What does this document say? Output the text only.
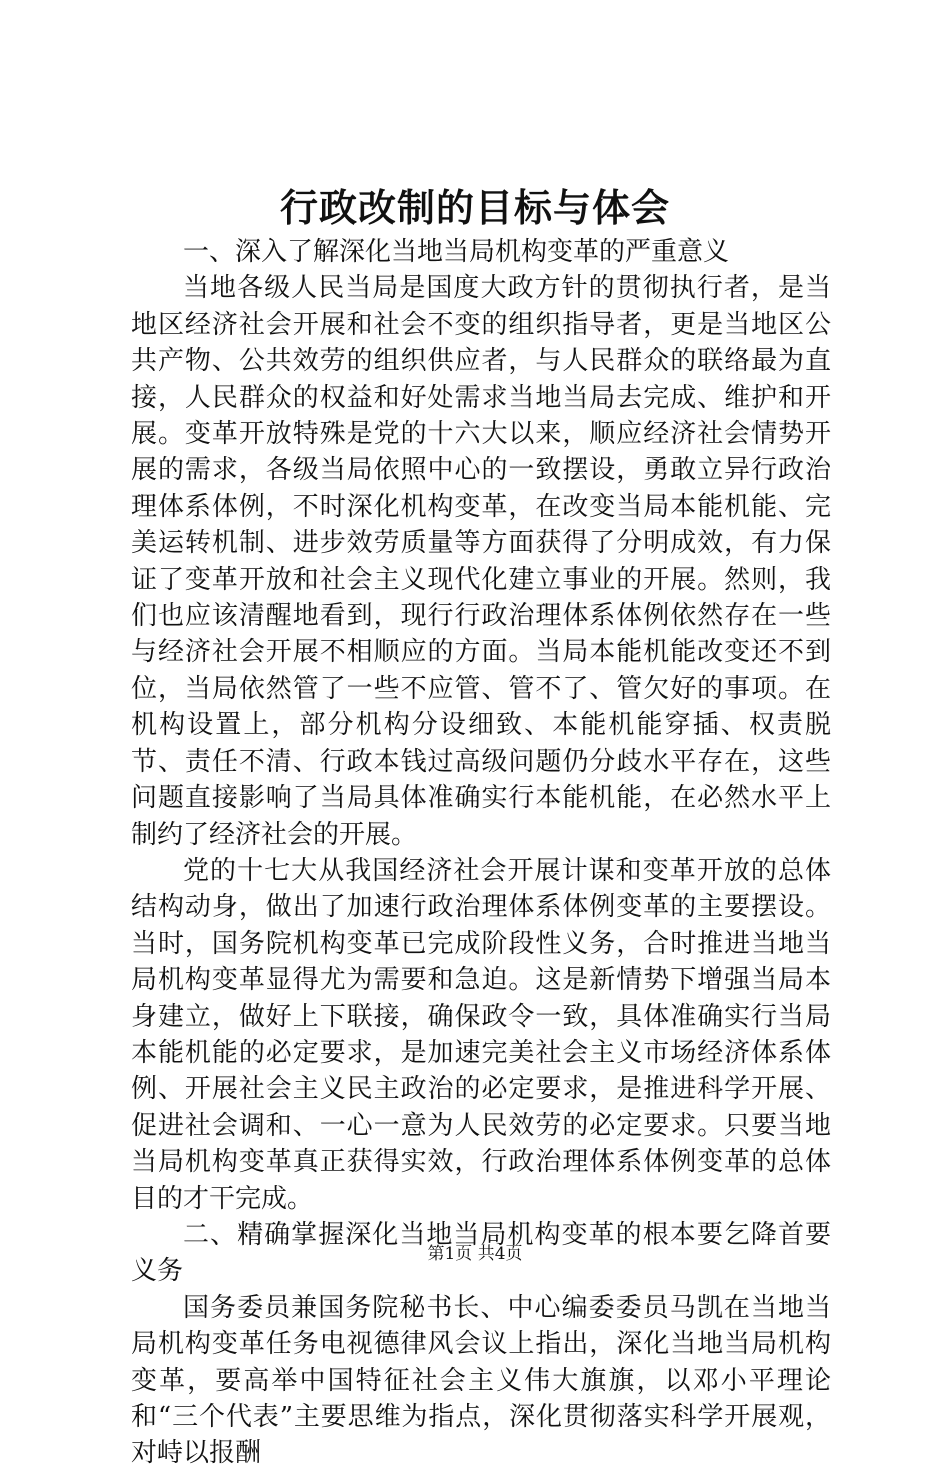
行政改制的目标与体会

一、深入了解深化当地当局机构变革的严重意义

当地各级人民当局是国度大政方针的贯彻执行者，是当地区经济社会开展和社会不变的组织指导者，更是当地区公共产物、公共效劳的组织供应者，与人民群众的联络最为直接，人民群众的权益和好处需求当地当局去完成、维护和开展。变革开放特殊是党的十六大以来，顺应经济社会情势开展的需求，各级当局依照中心的一致摆设，勇敢立异行政治理体系体例，不时深化机构变革，在改变当局本能机能、完美运转机制、进步效劳质量等方面获得了分明成效，有力保证了变革开放和社会主义现代化建立事业的开展。然则，我们也应该清醒地看到，现行行政治理体系体例依然存在一些与经济社会开展不相顺应的方面。当局本能机能改变还不到位，当局依然管了一些不应管、管不了、管欠好的事项。在机构设置上，部分机构分设细致、本能机能穿插、权责脱节、责任不清、行政本钱过高级问题仍分歧水平存在，这些问题直接影响了当局具体准确实行本能机能，在必然水平上制约了经济社会的开展。

党的十七大从我国经济社会开展计谋和变革开放的总体结构动身，做出了加速行政治理体系体例变革的主要摆设。当时，国务院机构变革已完成阶段性义务，合时推进当地当局机构变革显得尤为需要和急迫。这是新情势下增强当局本身建立，做好上下联接，确保政令一致，具体准确实行当局本能机能的必定要求，是加速完美社会主义市场经济体系体例、开展社会主义民主政治的必定要求，是推进科学开展、促进社会调和、一心一意为人民效劳的必定要求。只要当地当局机构变革真正获得实效，行政治理体系体例变革的总体目的才干完成。

二、精确掌握深化当地当局机构变革的根本要乞降首要义务

国务委员兼国务院秘书长、中心编委委员马凯在当地当局机构变革任务电视德律风会议上指出，深化当地当局机构变革，要高举中国特征社会主义伟大旗旗，以邓小平理论和“三个代表”主要思维为指点，深化贯彻落实科学开展观，对峙以报酬

第1页 共4页
